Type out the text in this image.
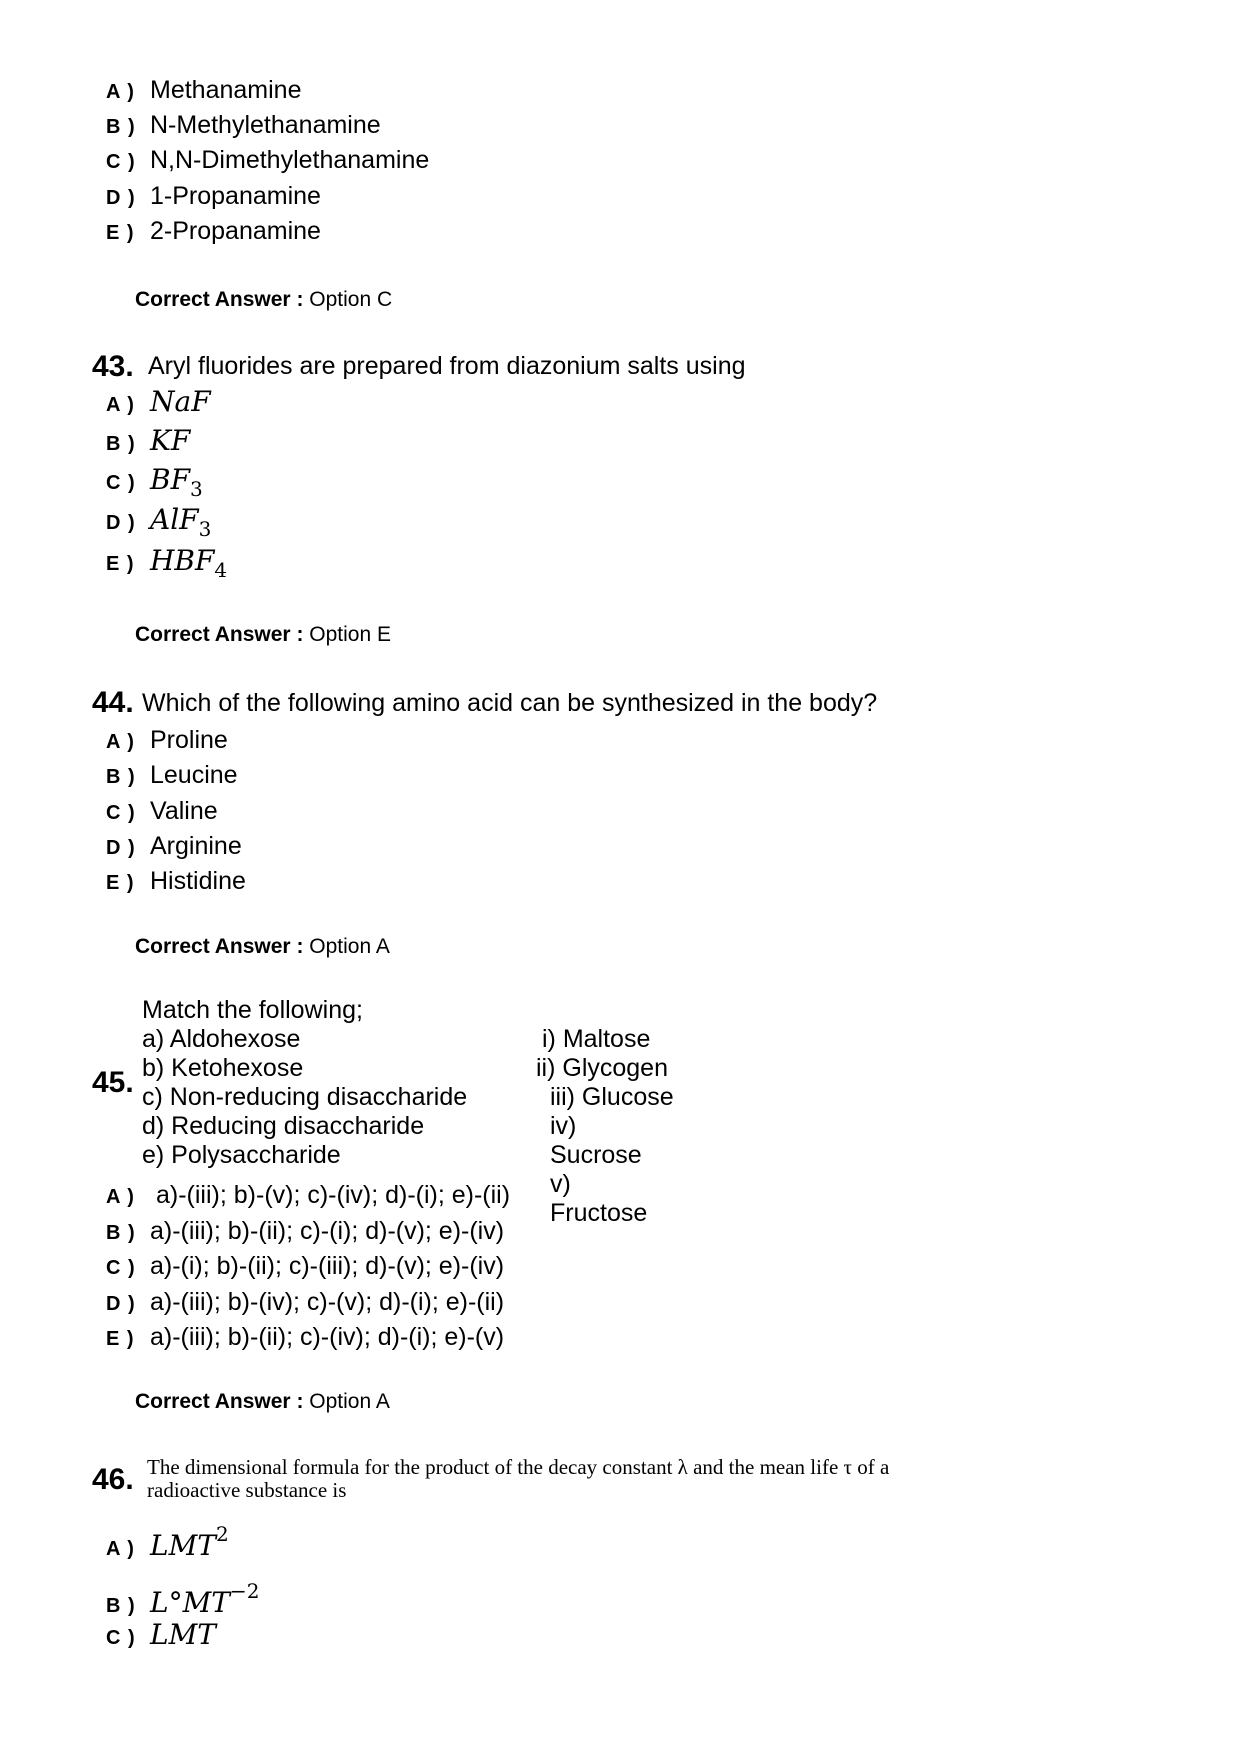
A ) Methanamine
B ) N-Methylethanamine
C ) N,N-Dimethylethanamine
D ) 1-Propanamine
E ) 2-Propanamine
Correct Answer : Option C
43. Aryl fluorides are prepared from diazonium salts using
A ) NaF
B ) KF
C ) $BF_3$
D ) AlF$_3$
E ) $HBF_4$
Correct Answer : Option E
44. Which of the following amino acid can be synthesized in the body?
A ) Proline
B ) Leucine
C ) Valine
D ) Arginine
E ) Histidine
Correct Answer : Option A
Match the following;
a) Aldohexose
b) Ketohexose
c) Non-reducing disaccharide
d) Reducing disaccharide
e) Polysaccharide
45.
i) Maltose
ii) Glycogen
iii) Glucose
iv) Sucrose
v) Fructose
A ) a)-(iii); b)-(v); c)-(iv); d)-(i); e)-(ii)
B ) a)-(iii); b)-(ii); c)-(i); d)-(v); e)-(iv)
C ) a)-(i); b)-(ii); c)-(iii); d)-(v); e)-(iv)
D ) a)-(iii); b)-(iv); c)-(v); d)-(i); e)-(ii)
E ) a)-(iii); b)-(ii); c)-(iv); d)-(i); e)-(v)
Correct Answer : Option A
46. The dimensional formula for the product of the decay constant λ and the mean life τ of a
radioactive substance is
A ) LMT$^2$
B ) $L^\circ MT^{-2}$
C ) LMT
